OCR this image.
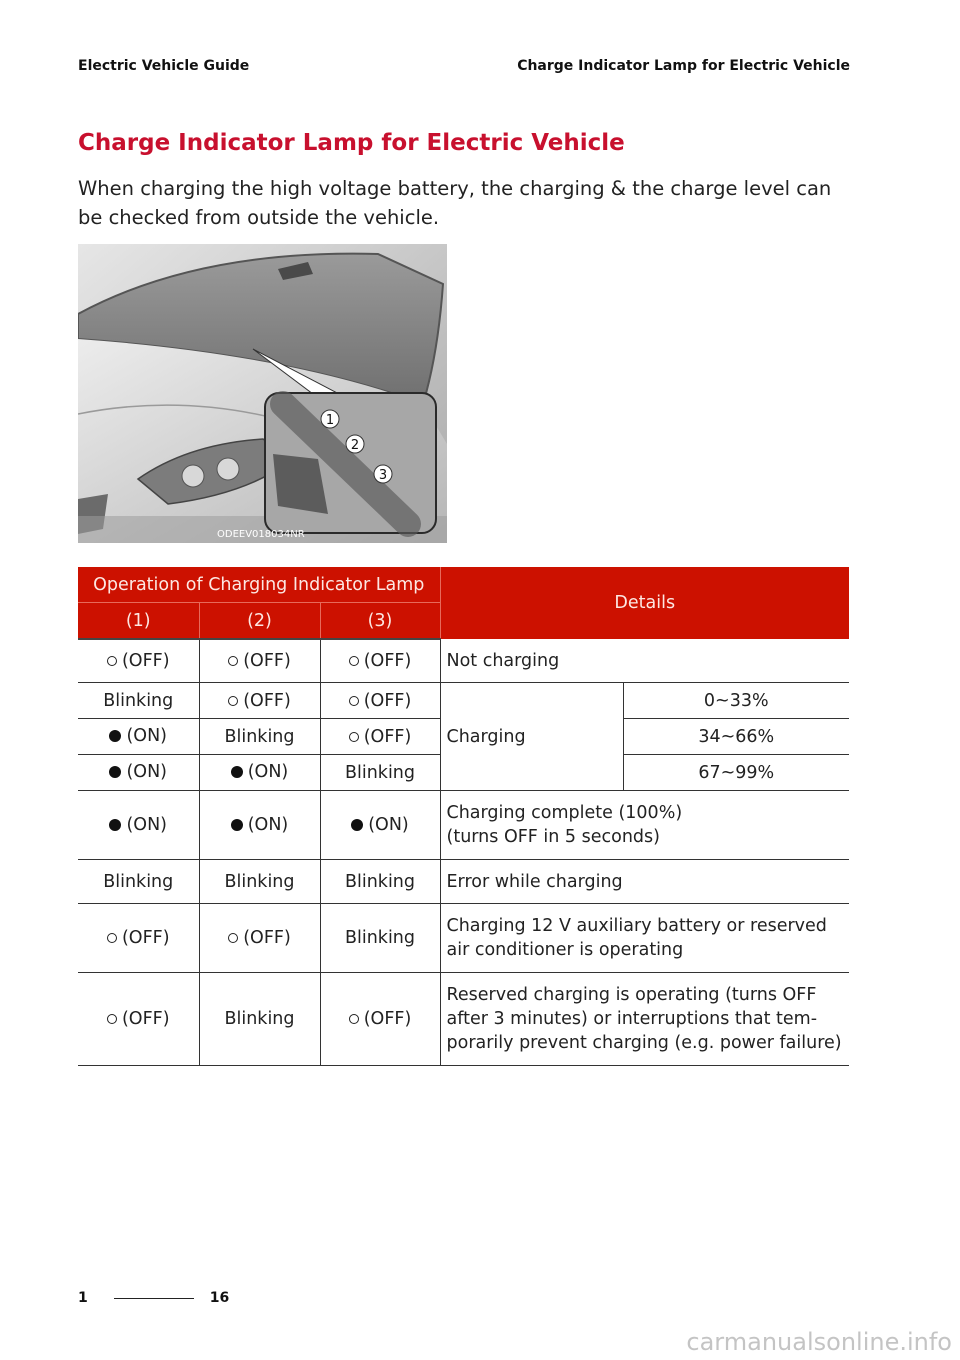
Electric Vehicle Guide	Charge Indicator Lamp for Electric Vehicle
Charge Indicator Lamp for Electric Vehicle

When charging the high voltage battery, the charging & the charge level can
be checked from outside the vehicle.

1
2
3
ODEEV018034NR
Operation of Charging Indicator Lamp			Details	
(1)	(2)	(3)		

(OFF)	(OFF)	(OFF)	Not charging	
Blinking	(OFF)	(OFF)	Charging	0~33%

(ON)	Blinking	(OFF)		34~66%

(ON)	(ON)	Blinking		67~99%

(ON)	(ON)	(ON)	Charging complete (100%)
(turns OFF in 5 seconds)	
Blinking	Blinking	Blinking	Error while charging	

(OFF)	(OFF)	Blinking	Charging 12 V auxiliary battery or reserved
air conditioner is operating	

(OFF)	Blinking	(OFF)	Reserved charging is operating (turns OFF
after 3 minutes) or interruptions that tem-
porarily prevent charging (e.g. power failure)	
1	16
carmanualsonline.info
